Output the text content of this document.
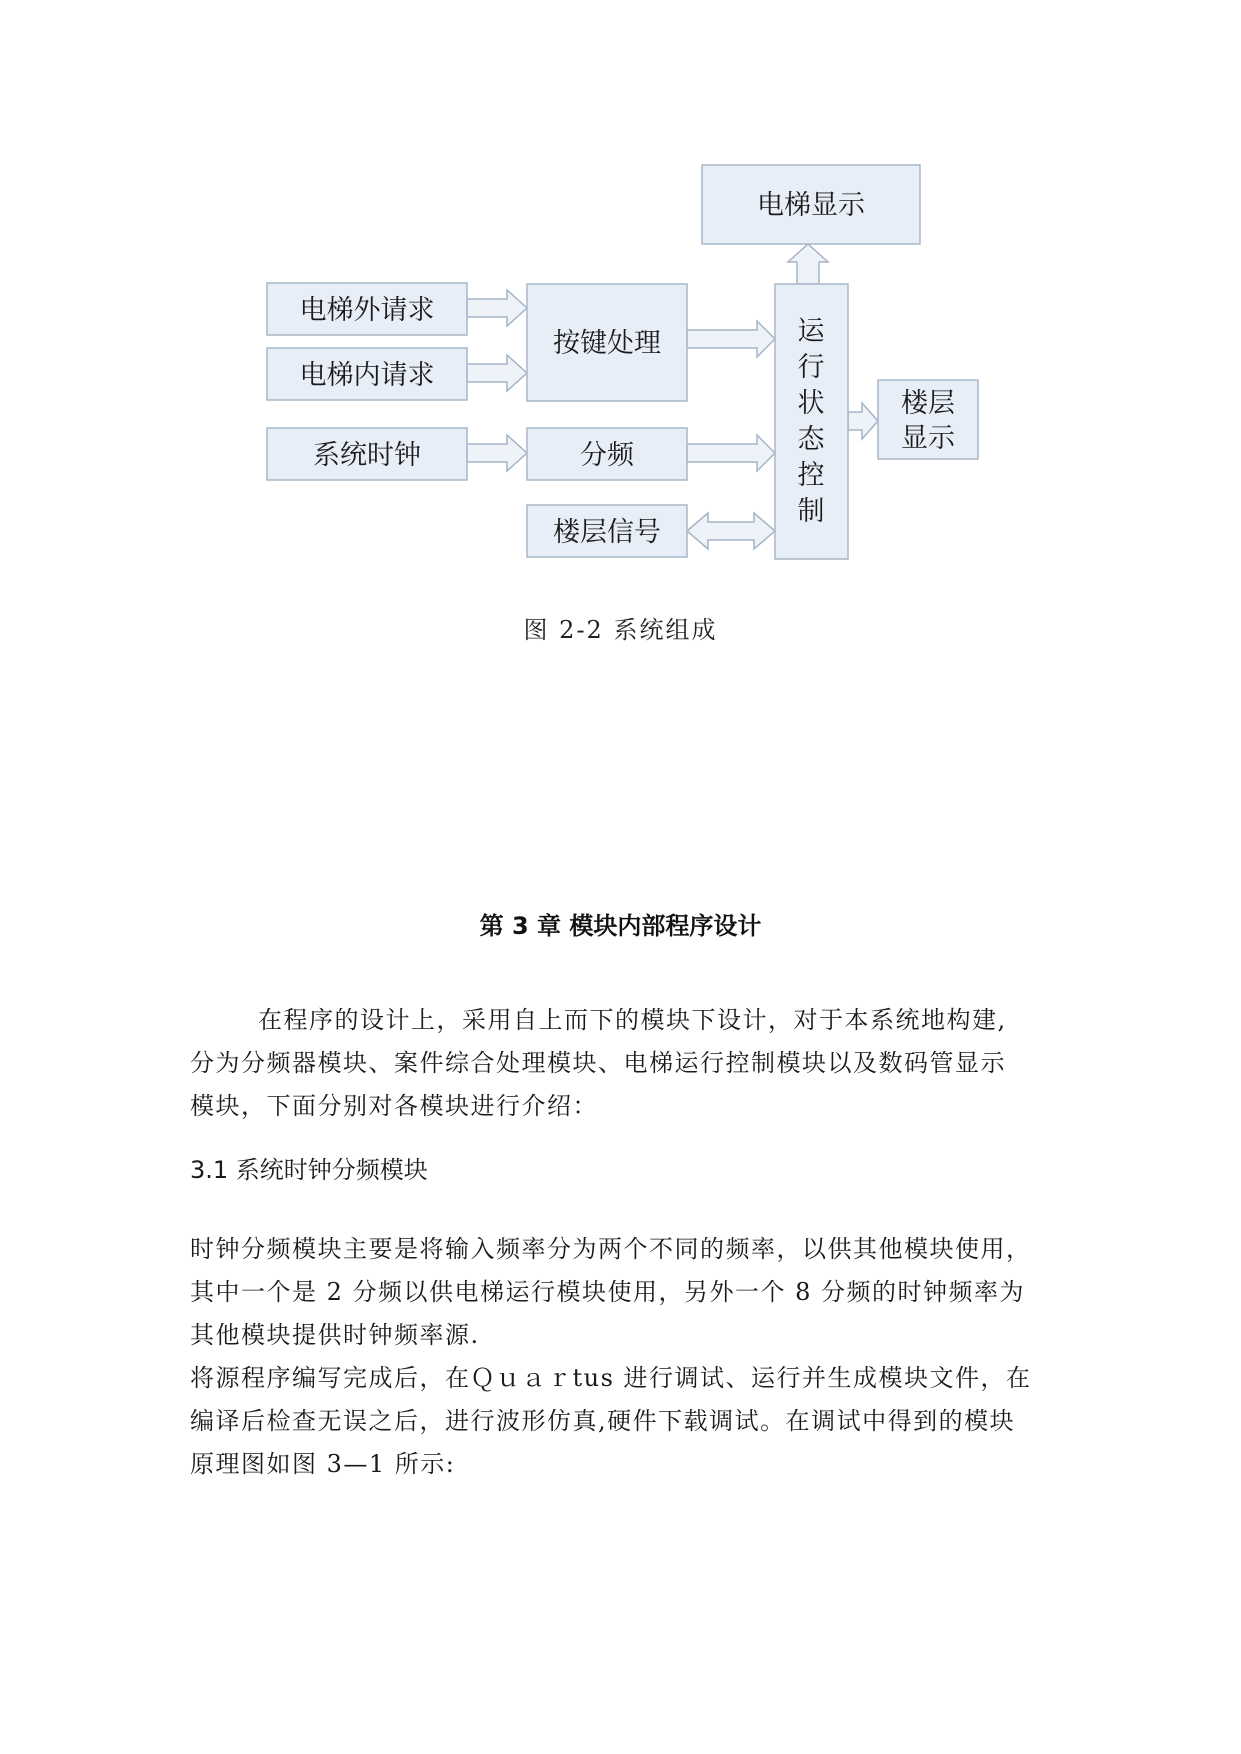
电梯显示
电梯外请求
电梯内请求
按键处理
系统时钟	分频
楼层信号
运
行
状
态
控
制
楼层
显示
图 2-2 系统组成
第 3 章 模块内部程序设计

在程序的设计上，采用自上而下的模块下设计，对于本系统地构建,
分为分频器模块、案件综合处理模块、电梯运行控制模块以及数码管显示
模块，下面分别对各模块进行介绍：

3.1 系统时钟分频模块

时钟分频模块主要是将输入频率分为两个不同的频率，以供其他模块使用，
其中一个是 2 分频以供电梯运行模块使用，另外一个 8 分频的时钟频率为
其他模块提供时钟频率源.
将源程序编写完成后，在Ｑｕａｒtus 进行调试、运行并生成模块文件，在
编译后检查无误之后，进行波形仿真,硬件下载调试。在调试中得到的模块
原理图如图 3—1 所示:
